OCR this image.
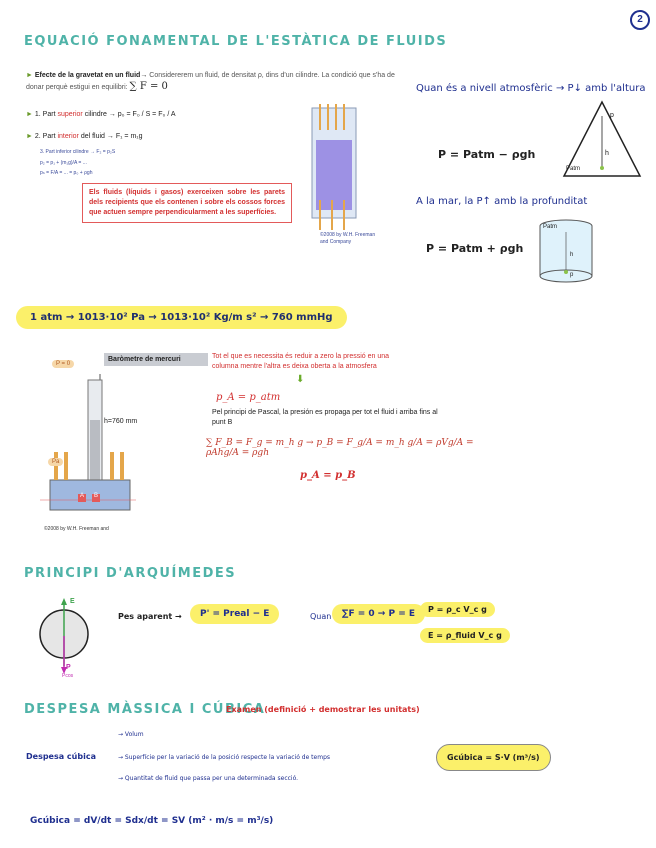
2
EQUACIÓ FONAMENTAL DE L'ESTÀTICA DE FLUIDS
► Efecte de la gravetat en un fluid→ Considererem un fluid, de densitat ρ, dins d'un cilindre. La condició que s'ha de donar perquè estigui en equilibri: ∑ F = 0
► 1. Part superior cilindre → p₀ = F₀ / S = F₀ / A
► 2. Part interior del fluid → F₁ = m₁g
3. Part inferior cilindre → F₂ = p₂S
p₂ = p₁ + (m₁g)/A = ...
pₙ = F/A = ... = p₀ + ρgh
Els fluids (líquids i gasos) exerceixen sobre les parets dels recipients que els contenen i sobre els cossos forces que actuen sempre perpendicularment a les superfícies.
©2008 by W.H. Freeman and Company
Quan és a nivell atmosfèric → P↓ amb l'altura
P = Patm − ρgh
p
h
Patm
A la mar, la P↑ amb la profunditat
P = Patm + ρgh
Patm
h
p
1 atm → 1013·10² Pa → 1013·10² Kg/m s² → 760 mmHg
Baròmetre de mercuri
P = 0
h=760 mm
Pa
A B
©2008 by W.H. Freeman and
Tot el que es necessita és reduir a zero la pressió en una columna mentre l'altra es deixa oberta a la atmosfera
⬇
p_A = p_atm
Pel principi de Pascal, la presión es propaga per tot el fluid i arriba fins al punt B
∑ F_B = F_g = m_h g → p_B = F_g/A = m_h g/A = ρVg/A = ρAhg/A = ρgh
p_A = p_B
PRINCIPI D'ARQUÍMEDES
E
P
Pcos
Pes aparent →	P' = Preal − E	Quan	∑F = 0 → P = E	P = ρ_c V_c g
E = ρ_fluid V_c g
DESPESA MÀSSICA I CÚBICA
Examen (definició + demostrar les unitats)
→ Volum
Despesa cúbica	→ Superfície per la variació de la posició respecte la variació de temps
→ Quantitat de fluid que passa per una determinada secció.
Gcúbica = S·V (m³/s)
Gcúbica = dV/dt = Sdx/dt = SV (m² · m/s = m³/s)
